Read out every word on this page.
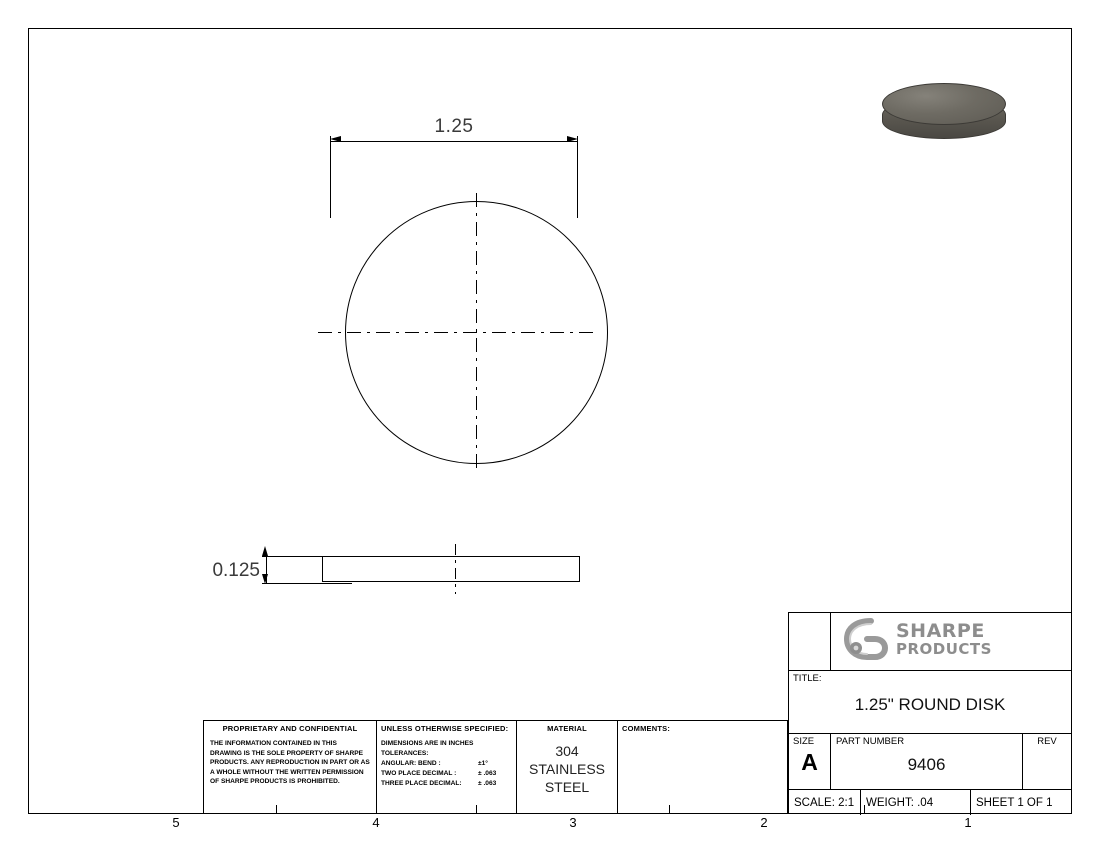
1.25
0.125
PROPRIETARY AND CONFIDENTIAL
THE INFORMATION CONTAINED IN THIS DRAWING IS THE SOLE PROPERTY OF SHARPE PRODUCTS. ANY REPRODUCTION IN PART OR AS A WHOLE WITHOUT THE WRITTEN PERMISSION OF SHARPE PRODUCTS IS PROHIBITED.
UNLESS OTHERWISE SPECIFIED:
DIMENSIONS ARE IN INCHES
TOLERANCES:
ANGULAR: BEND :	±1°
TWO PLACE DECIMAL :	± .063
THREE PLACE DECIMAL: ± .063
MATERIAL
304
STAINLESS
STEEL
COMMENTS:
SHARPE
PRODUCTS
TITLE:
1.25" ROUND DISK
SIZE
A
PART NUMBER
9406
REV
SCALE: 2:1	WEIGHT: .04	SHEET 1 OF 1
5	4	3	2	1
